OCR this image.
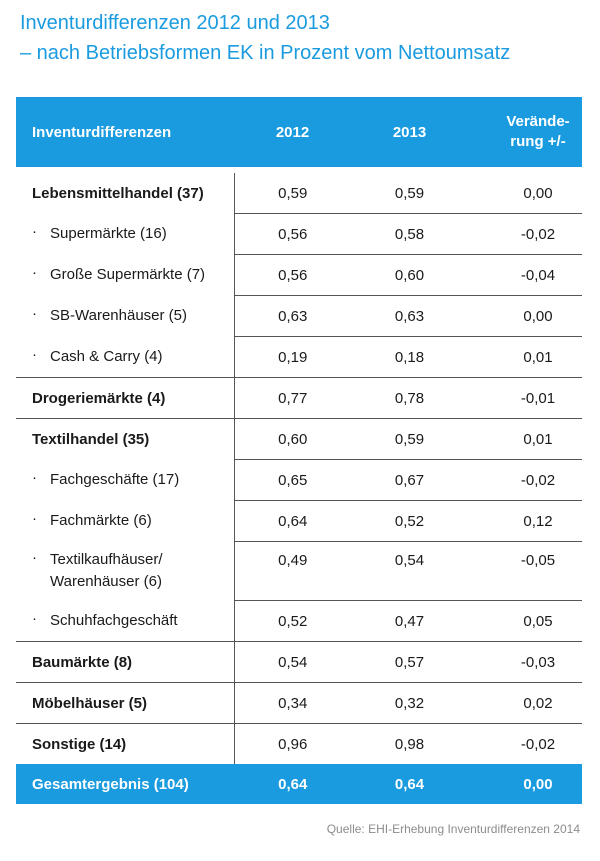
Inventurdifferenzen 2012 und 2013
– nach Betriebsformen EK in Prozent vom Nettoumsatz
Inventurdifferenzen	2012	2013	Verände-
rung +/-

Lebensmittelhandel (37)	0,59	0,59	0,00
· Supermärkte (16)	0,56	0,58	-0,02
· Große Supermärkte (7)	0,56	0,60	-0,04
· SB-Warenhäuser (5)	0,63	0,63	0,00
· Cash & Carry (4)	0,19	0,18	0,01
Drogeriemärkte (4)	0,77	0,78	-0,01
Textilhandel (35)	0,60	0,59	0,01
· Fachgeschäfte (17)	0,65	0,67	-0,02
· Fachmärkte (6)	0,64	0,52	0,12
· Textilkaufhäuser/
Warenhäuser (6)	0,49	0,54	-0,05
· Schuhfachgeschäft	0,52	0,47	0,05
Baumärkte (8)	0,54	0,57	-0,03
Möbelhäuser (5)	0,34	0,32	0,02
Sonstige (14)	0,96	0,98	-0,02
Gesamtergebnis (104)	0,64	0,64	0,00
Quelle: EHI-Erhebung Inventurdifferenzen 2014
